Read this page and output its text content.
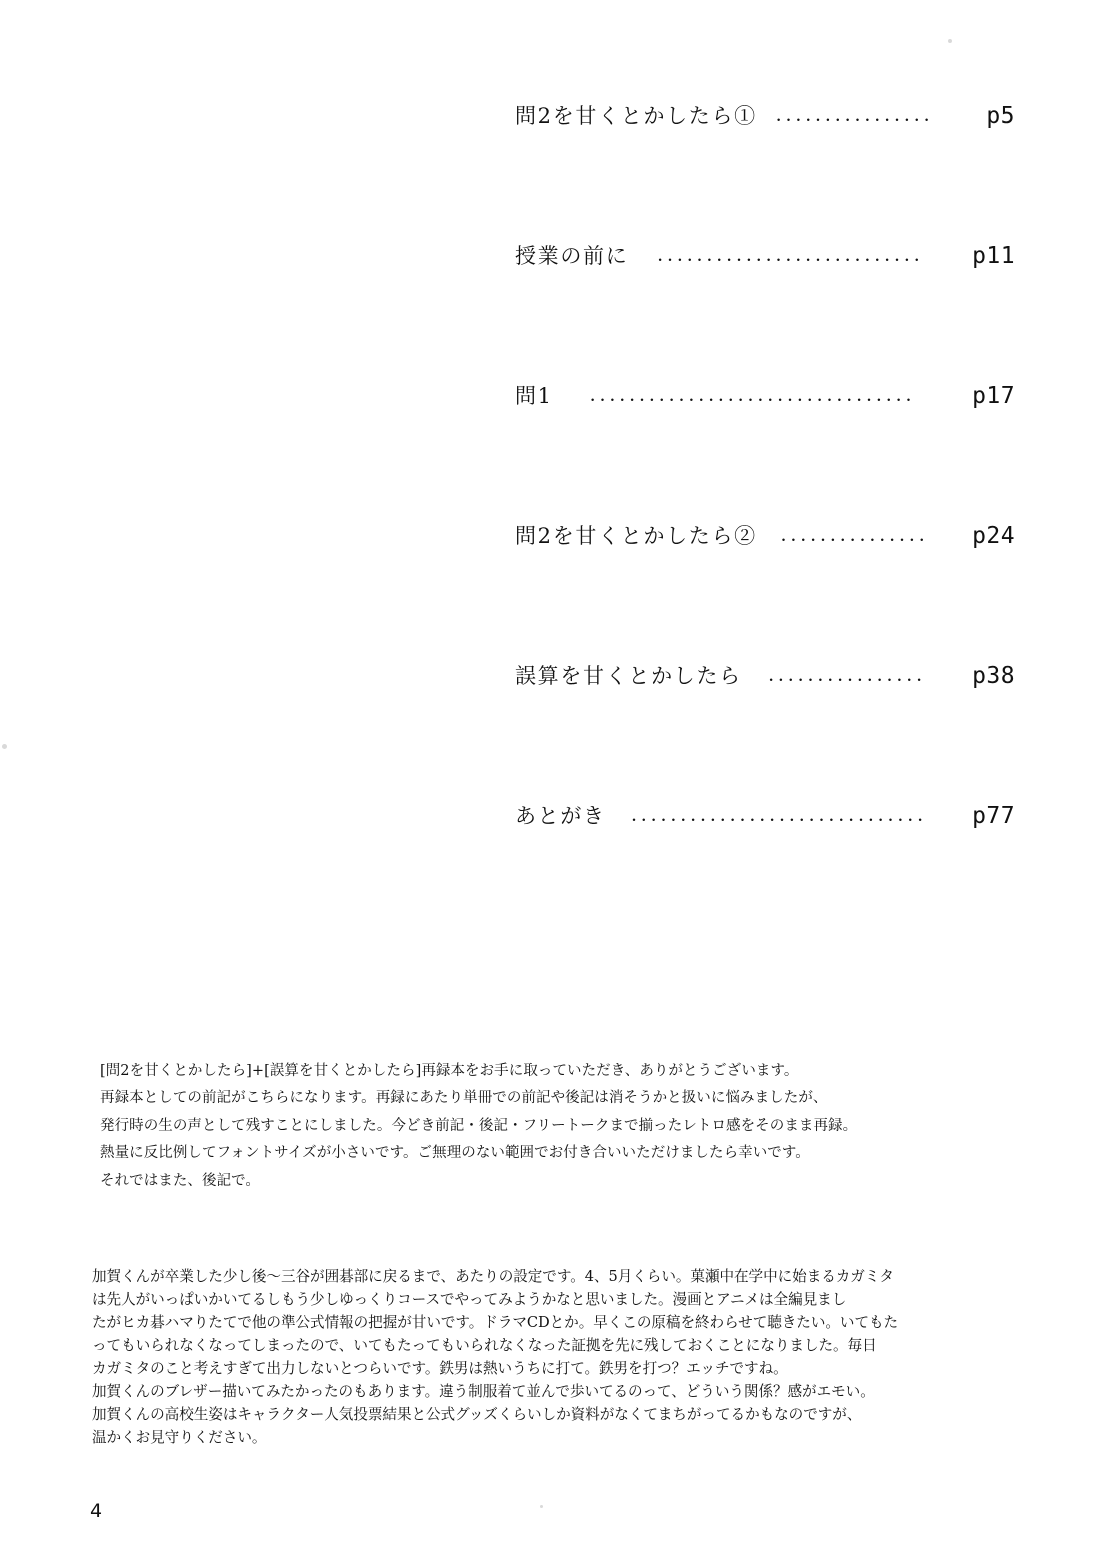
問2を甘くとかしたら① ................	p5
授業の前に	...........................	p11
問1	.................................	p17
問2を甘くとかしたら②	...............	p24
誤算を甘くとかしたら	................	p38
あとがき	..............................	p77

[問2を甘くとかしたら]+[誤算を甘くとかしたら]再録本をお手に取っていただき、ありがとうございます。

再録本としての前記がこちらになります。再録にあたり単冊での前記や後記は消そうかと扱いに悩みましたが、

発行時の生の声として残すことにしました。今どき前記・後記・フリートークまで揃ったレトロ感をそのまま再録。

熱量に反比例してフォントサイズが小さいです。ご無理のない範囲でお付き合いいただけましたら幸いです。

それではまた、後記で。

加賀くんが卒業した少し後〜三谷が囲碁部に戻るまで、あたりの設定です。4、5月くらい。菓瀬中在学中に始まるカガミタ

は先人がいっぱいかいてるしもう少しゆっくりコースでやってみようかなと思いました。漫画とアニメは全編見まし

たがヒカ碁ハマりたてで他の準公式情報の把握が甘いです。ドラマCDとか。早くこの原稿を終わらせて聴きたい。いてもた

ってもいられなくなってしまったので、いてもたってもいられなくなった証拠を先に残しておくことになりました。毎日

カガミタのこと考えすぎて出力しないとつらいです。鉄男は熱いうちに打て。鉄男を打つ？エッチですね。

加賀くんのブレザー描いてみたかったのもあります。違う制服着て並んで歩いてるのって、どういう関係？感がエモい。

加賀くんの高校生姿はキャラクター人気投票結果と公式グッズくらいしか資料がなくてまちがってるかもなのですが、

温かくお見守りください。

4
